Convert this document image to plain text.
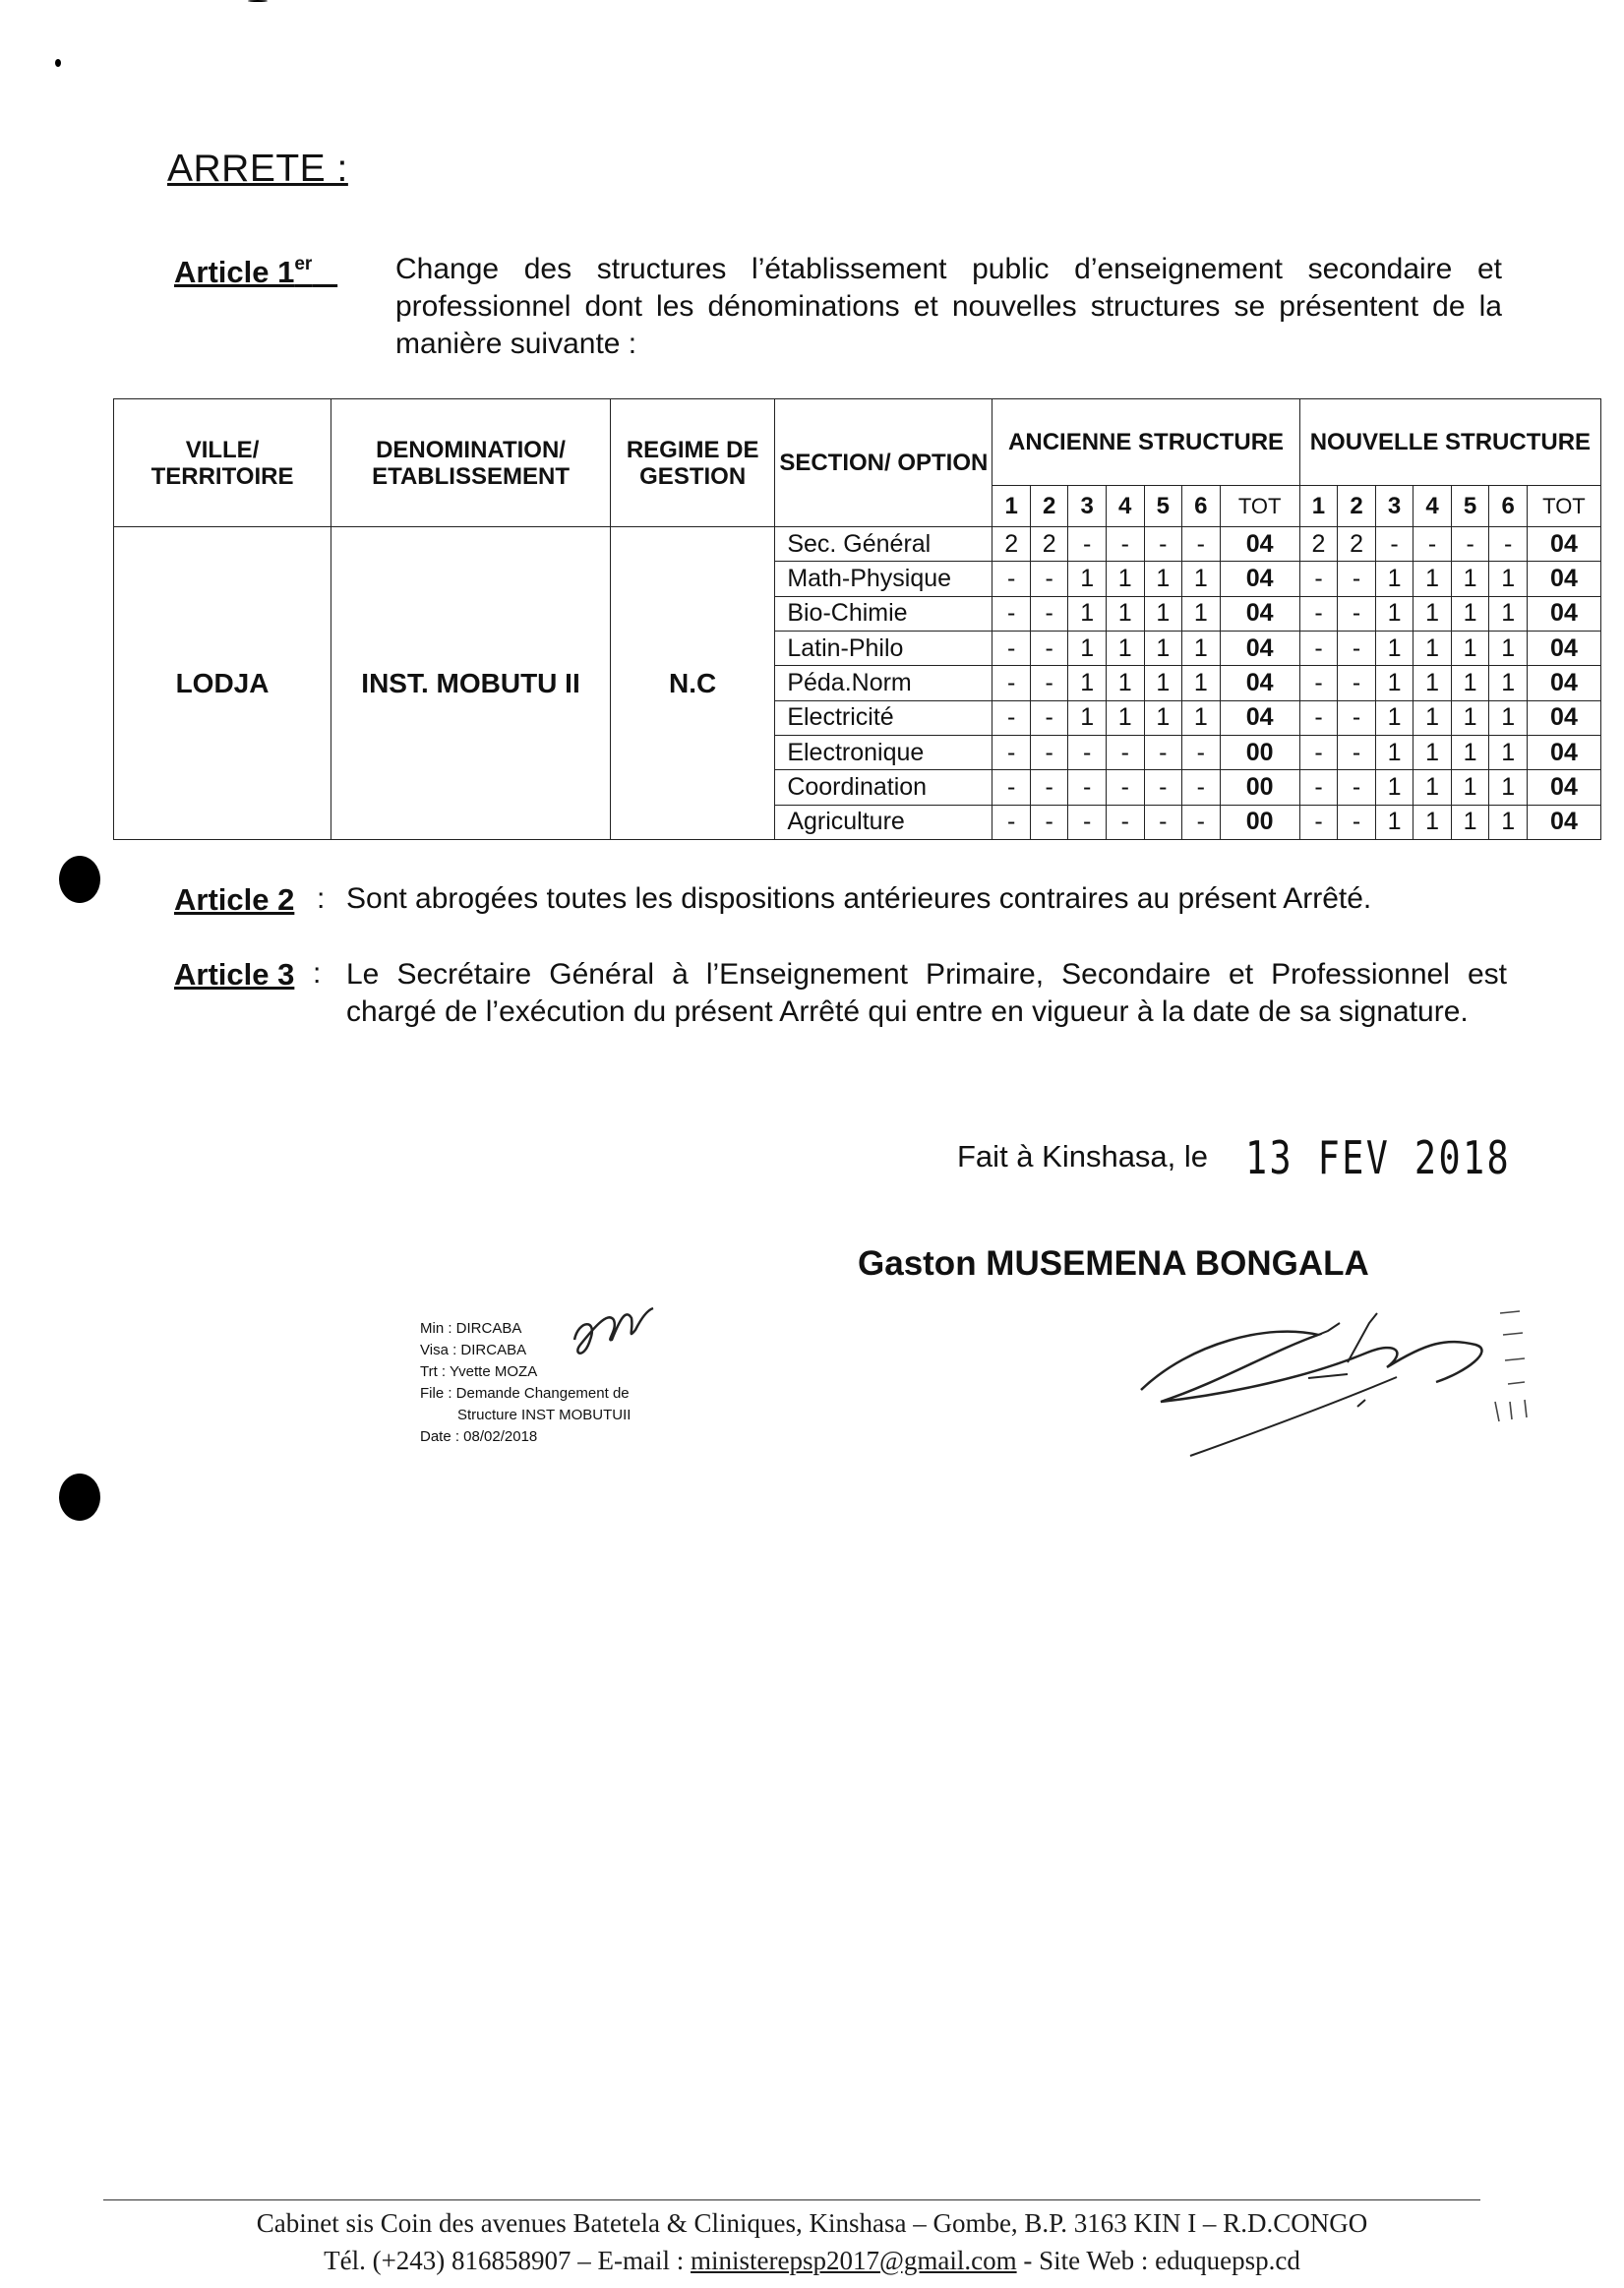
ARRETE :
Article 1er	Change des structures l’établissement public d’enseignement secondaire et professionnel dont les dénominations et nouvelles structures se présentent de la manière suivante :
VILLE/ TERRITOIRE	DENOMINATION/ ETABLISSEMENT	REGIME DE GESTION	SECTION/ OPTION	ANCIENNE STRUCTURE							NOUVELLE STRUCTURE						
				1	2	3	4	5	6	TOT	1	2	3	4	5	6	TOT
LODJA	INST. MOBUTU II	N.C	Sec. Général	2	2	-	-	-	-	04	2	2	-	-	-	-	04
			Math-Physique	-	-	1	1	1	1	04	-	-	1	1	1	1	04
			Bio-Chimie	-	-	1	1	1	1	04	-	-	1	1	1	1	04
			Latin-Philo	-	-	1	1	1	1	04	-	-	1	1	1	1	04
			Péda.Norm	-	-	1	1	1	1	04	-	-	1	1	1	1	04
			Electricité	-	-	1	1	1	1	04	-	-	1	1	1	1	04
			Electronique	-	-	-	-	-	-	00	-	-	1	1	1	1	04
			Coordination	-	-	-	-	-	-	00	-	-	1	1	1	1	04
			Agriculture	-	-	-	-	-	-	00	-	-	1	1	1	1	04
Article 2 : Sont abrogées toutes les dispositions antérieures contraires au présent Arrêté.
Article 3 : Le Secrétaire Général à l’Enseignement Primaire, Secondaire et Professionnel est chargé de l’exécution du présent Arrêté qui entre en vigueur à la date de sa signature.
Fait à Kinshasa, le 13 FEV 2018
Gaston MUSEMENA BONGALA
Min : DIRCABA
Visa : DIRCABA
Trt : Yvette MOZA
File : Demande Changement de
Structure INST MOBUTUII
Date : 08/02/2018
Cabinet sis Coin des avenues Batetela & Cliniques, Kinshasa – Gombe, B.P. 3163 KIN I – R.D.CONGO
Tél. (+243) 816858907 – E-mail : ministerepsp2017@gmail.com - Site Web : eduquepsp.cd
